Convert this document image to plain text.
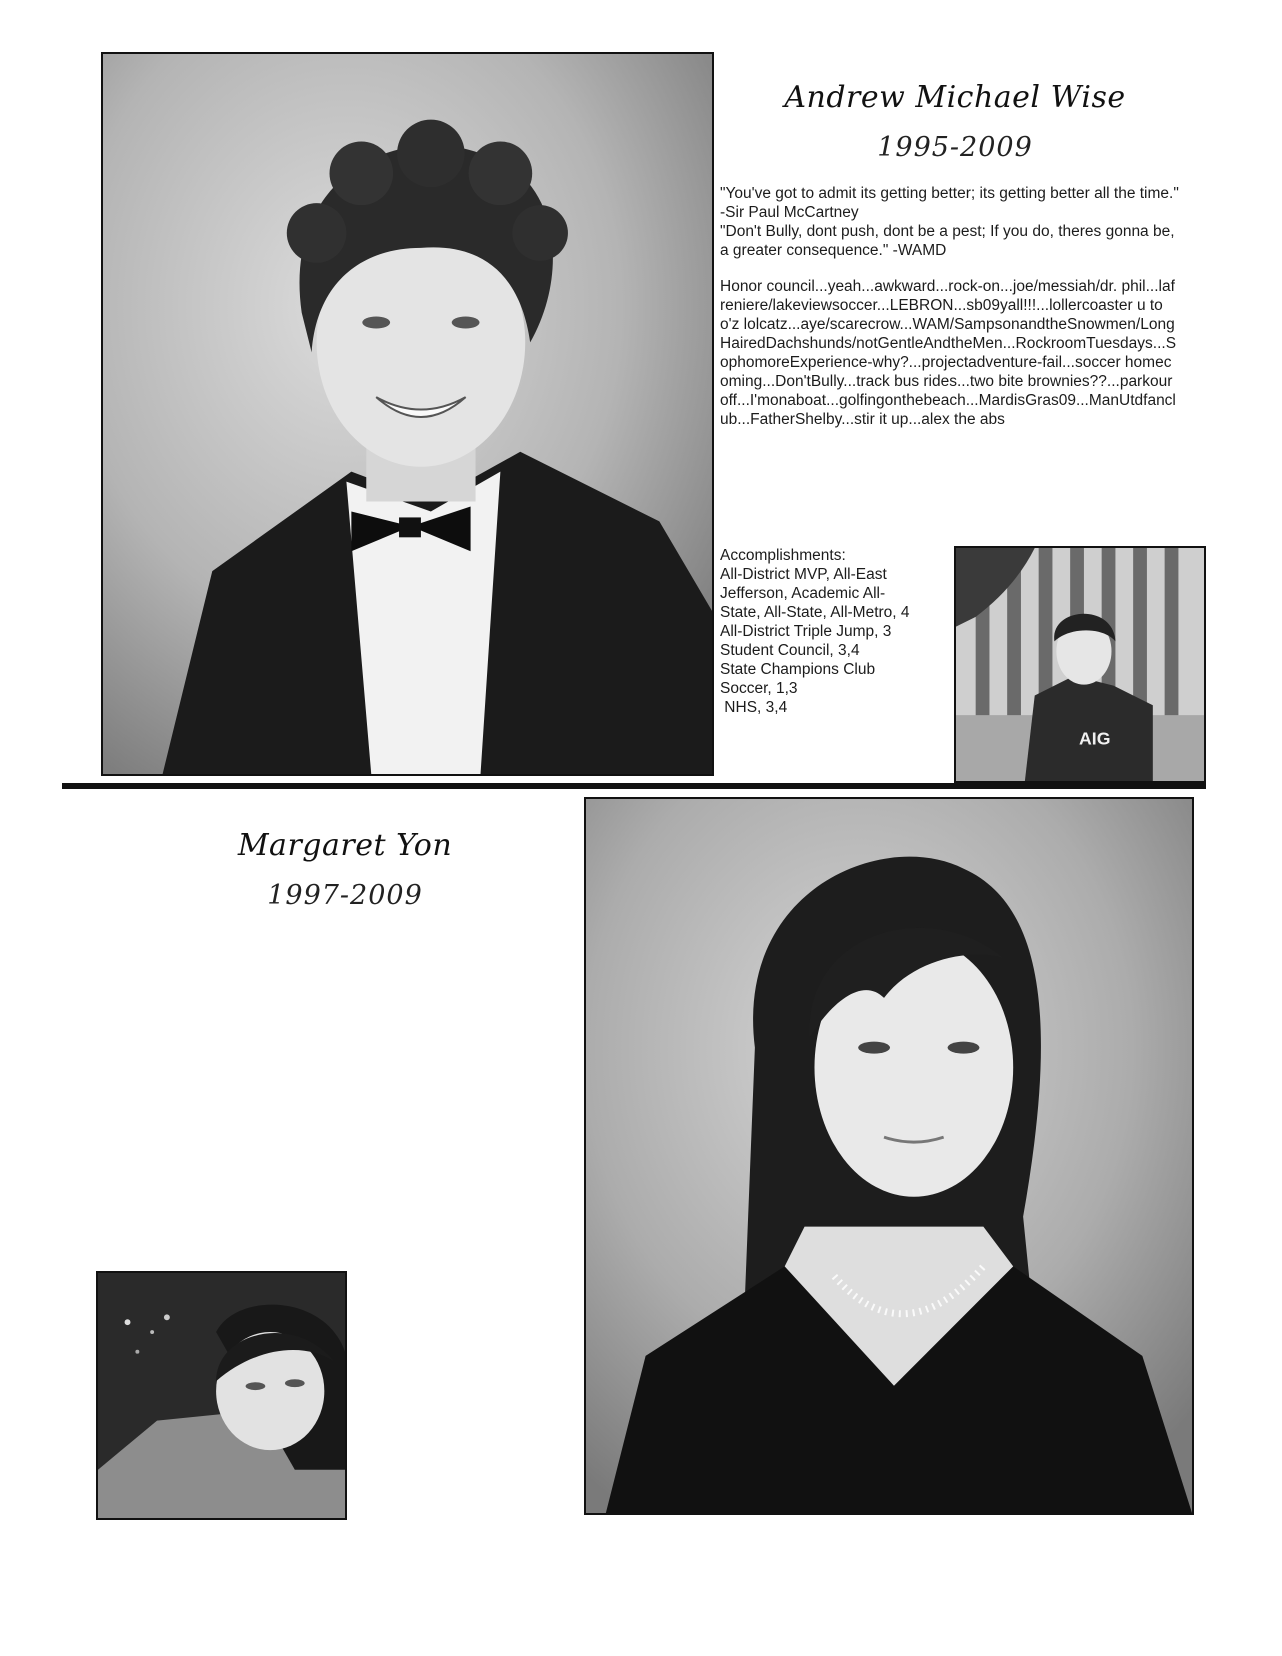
Andrew Michael Wise
1995-2009
"You've got to admit its getting better; its getting better all the time." -Sir Paul McCartney
"Don't Bully, dont push, dont be a pest; If you do, theres gonna be, a greater consequence." -WAMD
Honor council...yeah...awkward...rock-on...joe/messiah/dr. phil...lafreniere/lakeviewsoccer...LEBRON...sb09yall!!!...lollercoaster u too'z lolcatz...aye/scarecrow...WAM/SampsonandtheSnowmen/LongHairedDachshunds/notGentleAndtheMen...RockroomTuesdays...SophomoreExperience-why?...projectadventure-fail...soccer homecoming...Don'tBully...track bus rides...two bite brownies??...parkouroff...I'monaboat...golfingonthebeach...MardisGras09...ManUtdfanclub...FatherShelby...stir it up...alex the abs
Accomplishments:
All-District MVP, All-East Jefferson, Academic All-State, All-State, All-Metro, 4
All-District Triple Jump, 3
Student Council, 3,4
State Champions Club Soccer, 1,3
NHS, 3,4
AIG
Margaret Yon
1997-2009
